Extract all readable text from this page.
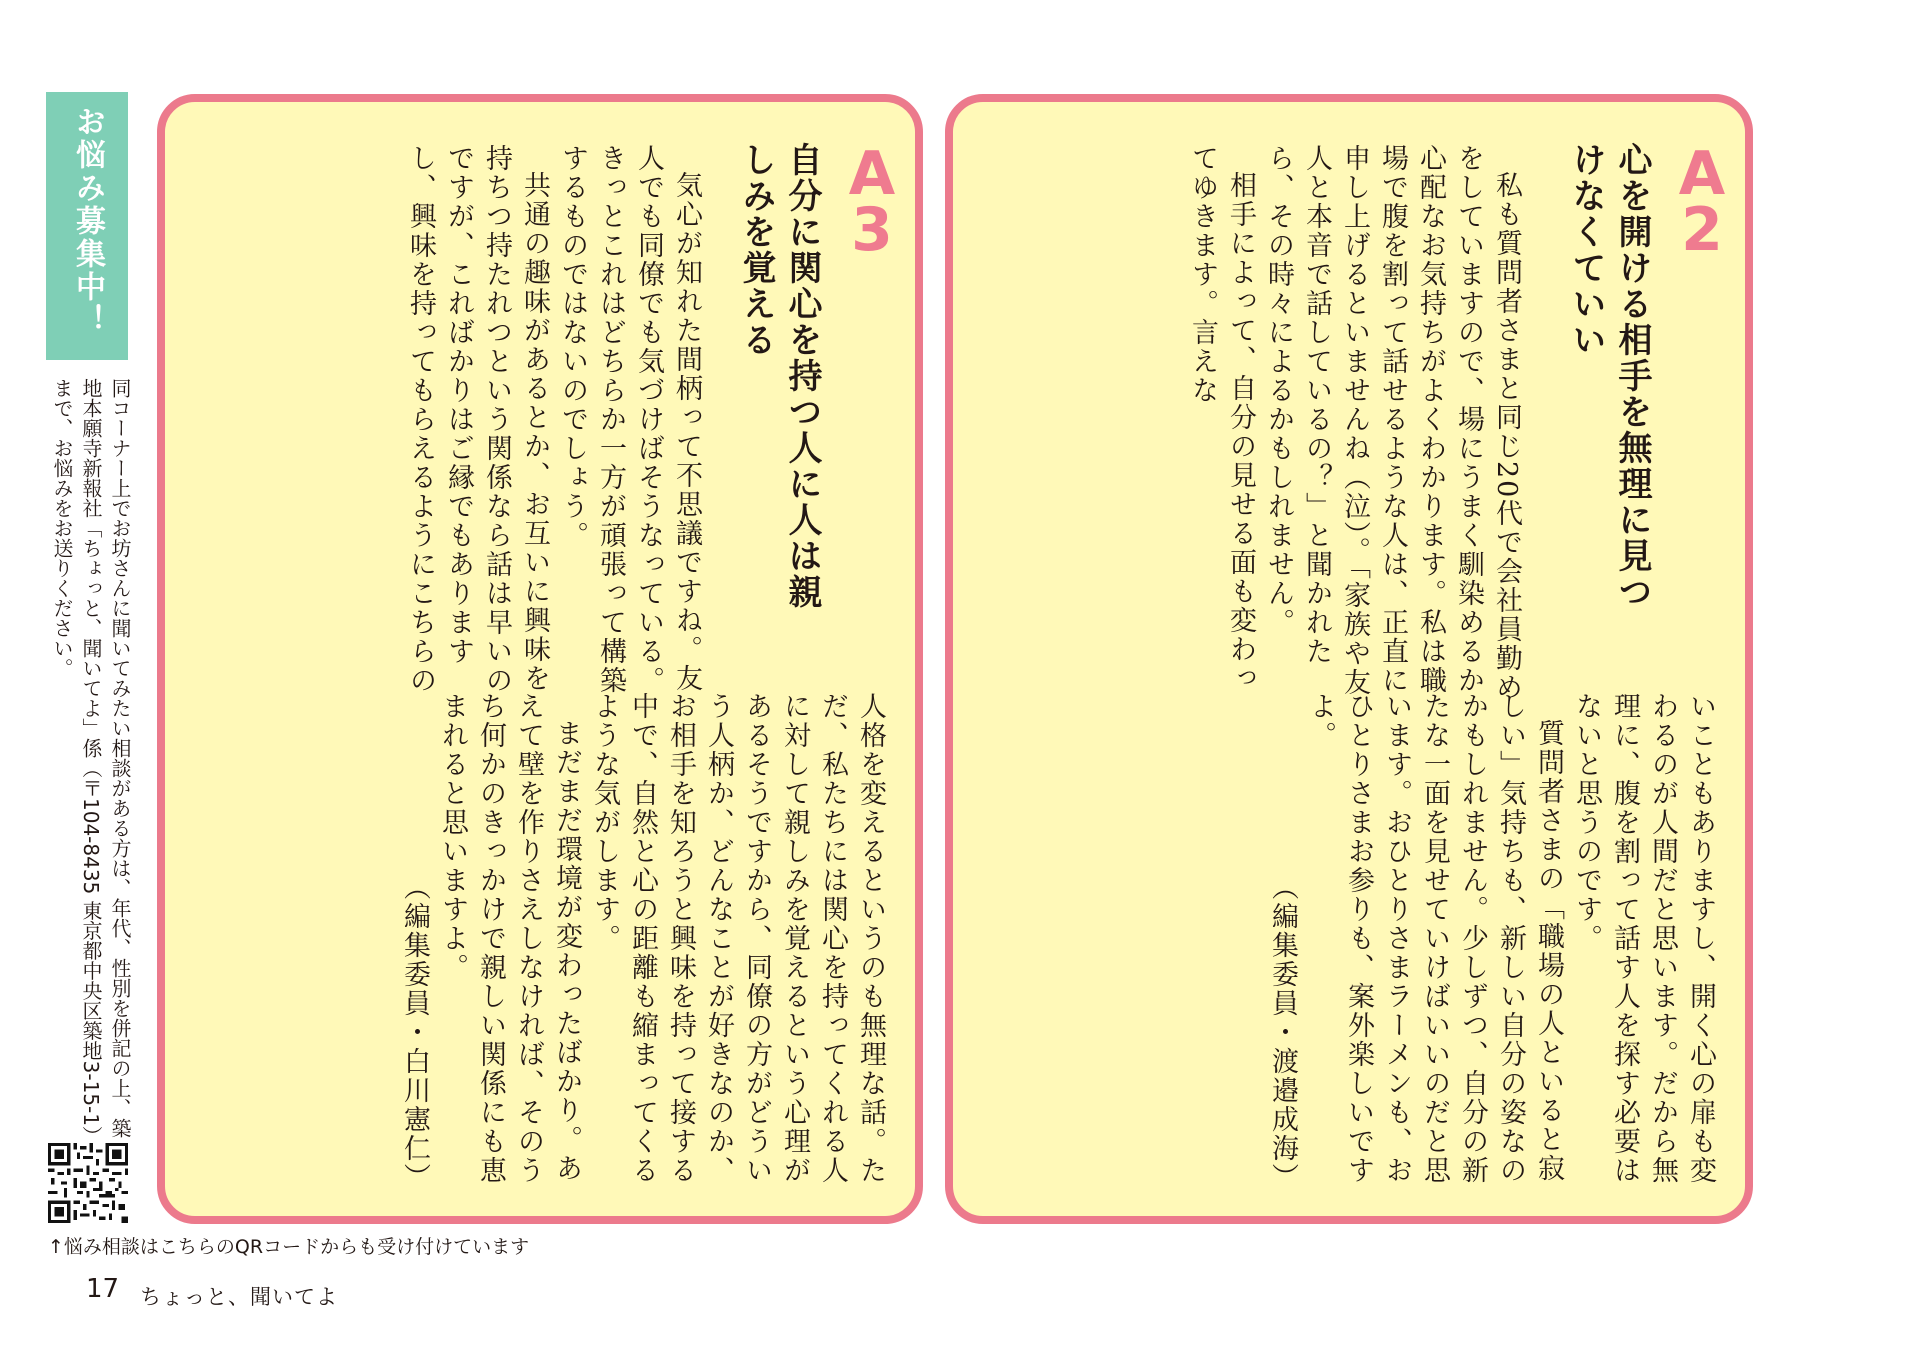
A
3
自分に関心を持つ人に人は親しみを覚える

気心が知れた間柄って不思議ですね。友人でも同僚でも気づけばそうなっている。きっとこれはどちらか一方が頑張って構築するものではないのでしょう。

共通の趣味があるとか、お互いに興味を持ちつ持たれつという関係なら話は早いのですが、こればかりはご縁でもありますし、興味を持ってもらえるようにこちらの

人格を変えるというのも無理な話。ただ、私たちには関心を持ってくれる人に対して親しみを覚えるという心理があるそうですから、同僚の方がどういう人柄か、どんなことが好きなのか、お相手を知ろうと興味を持って接する中で、自然と心の距離も縮まってくるような気がします。

まだまだ環境が変わったばかり。あえて壁を作りさえしなければ、そのうち何かのきっかけで親しい関係にも恵まれると思いますよ。

（編集委員・白川憲仁）

A
2
心を開ける相手を無理に見つけなくていい

私も質問者さまと同じ20代で会社員勤めをしていますので、場にうまく馴染めるか心配なお気持ちがよくわかります。私は職場で腹を割って話せるような人は、正直に申し上げるといませんね（泣）。「家族や友人と本音で話しているの？」と聞かれたら、その時々によるかもしれません。

相手によって、自分の見せる面も変わってゆきます。言えな

いこともありますし、開く心の扉も変わるのが人間だと思います。だから無理に、腹を割って話す人を探す必要はないと思うのです。

質問者さまの「職場の人といると寂しい」気持ちも、新しい自分の姿なのかもしれません。少しずつ、自分の新たな一面を見せていけばいいのだと思います。おひとりさまラーメンも、おひとりさまお参りも、案外楽しいですよ。

（編集委員・渡邉成海）

お悩み募集中！
同コーナー上でお坊さんに聞いてみたい相談がある方は、年代、性別を併記の上、築地本願寺新報社「ちょっと、聞いてよ」係（〒104-8435 東京都中央区築地3-15-1）まで、お悩みをお送りください。
↑悩み相談はこちらのQRコードからも受け付けています
17 ちょっと、聞いてよ
